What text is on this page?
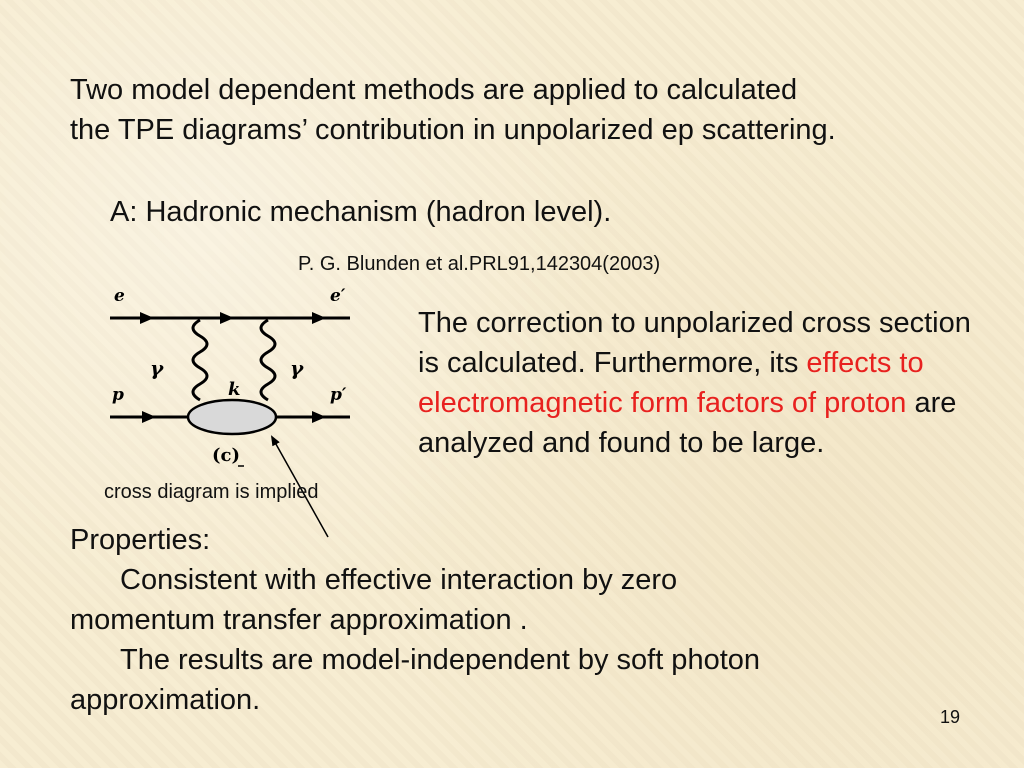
Two model dependent methods are applied to calculated
the TPE diagrams’ contribution in unpolarized ep scattering.
A: Hadronic mechanism (hadron level).
P. G. Blunden et al.PRL91,142304(2003)
e	e′
γ	γ
p	p′
k
(c)
cross diagram is implied
The correction to unpolarized cross section is calculated. Furthermore, its effects to electromagnetic form factors of proton are analyzed and found to be large.
Properties:
Consistent with effective interaction by zero
momentum transfer approximation .
The results are model-independent by soft photon
approximation.
19
